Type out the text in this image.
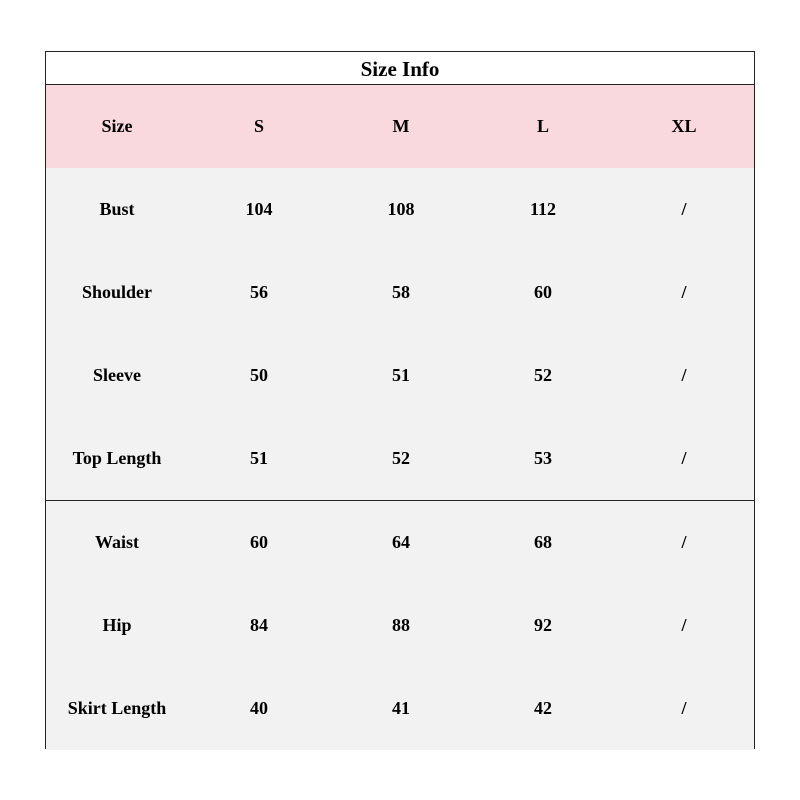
Size Info
Size	S	M	L	XL
Bust	104	108	112	/
Shoulder	56	58	60	/
Sleeve	50	51	52	/
Top Length	51	52	53	/
Waist	60	64	68	/
Hip	84	88	92	/
Skirt Length	40	41	42	/
